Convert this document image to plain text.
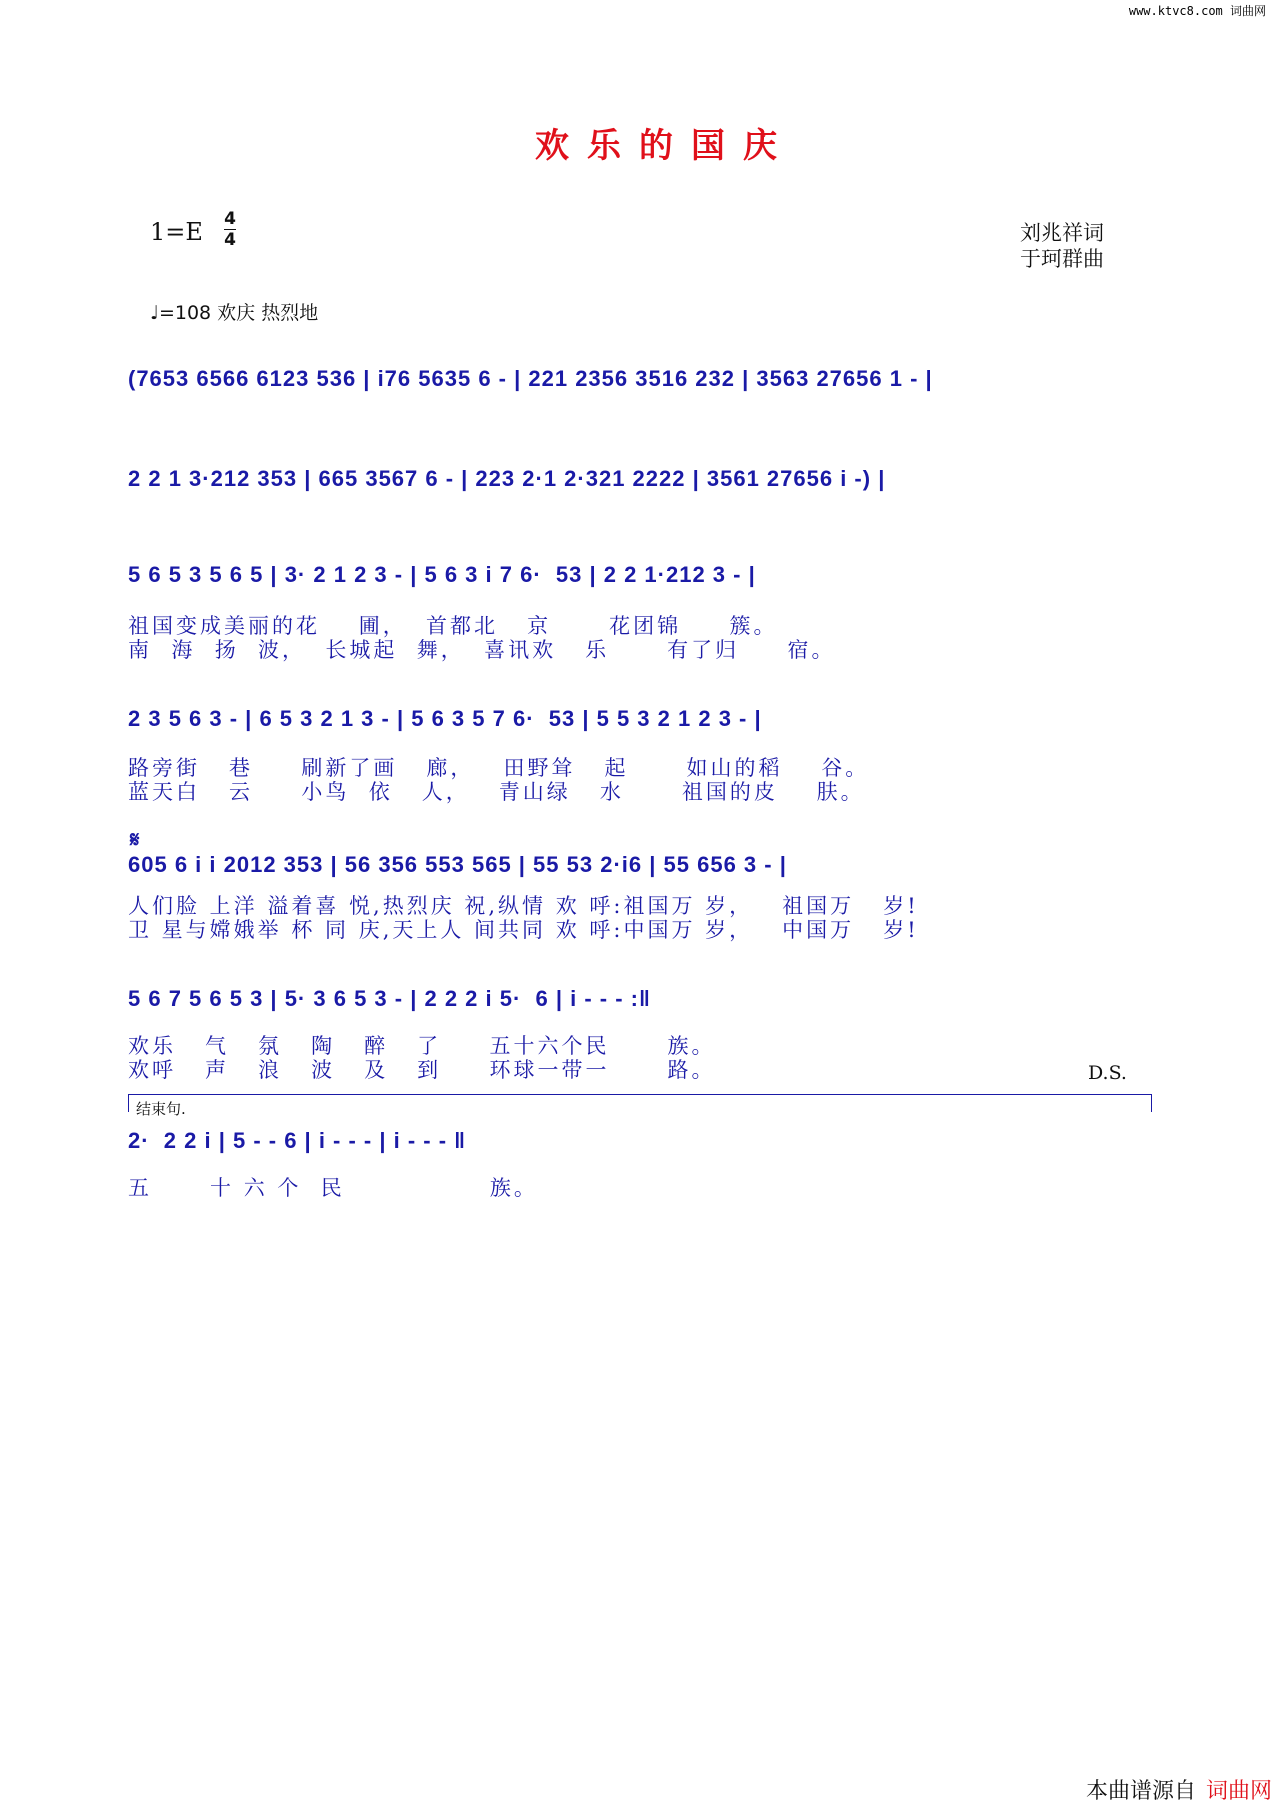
www.ktvc8.com 词曲网
欢乐的国庆
1=E 4
4	刘兆祥词
于珂群曲
♩=108 欢庆 热烈地
(7653 6566 6123 536 | i76 5635 6 - | 221 2356 3516 232 | 3563 27656 1 - |
2 2 1 3·212 353 | 665 3567 6 - | 223 2·1 2·321 2222 | 3561 27656 i -) |
5 6 5 3 5 6 5 | 3· 2 1 2 3 - | 5 6 3 i 7 6·  53 | 2 2 1·212 3 - |
祖国变成美丽的花    圃，  首都北   京      花团锦     簇。
南  海  扬  波，  长城起  舞，  喜讯欢   乐      有了归     宿。
2 3 5 6 3 - | 6 5 3 2 1 3 - | 5 6 3 5 7 6·  53 | 5 5 3 2 1 2 3 - |
路旁街   巷     刷新了画   廊，   田野耸   起      如山的稻    谷。
蓝天白   云     小鸟  依   人，   青山绿   水      祖国的皮    肤。
𝄋
605 6 i i 2012 353 | 56 356 553 565 | 55 53 2·i6 | 55 656 3 - |
人们脸 上洋 溢着喜 悦,热烈庆 祝,纵情 欢 呼:祖国万 岁，   祖国万   岁!
卫 星与嫦娥举 杯 同 庆,天上人 间共同 欢 呼:中国万 岁，   中国万   岁!
5 6 7 5 6 5 3 | 5· 3 6 5 3 - | 2 2 2 i 5·  6 | i - - - :‖
欢乐   气   氛   陶   醉   了     五十六个民      族。
欢呼   声   浪   波   及   到     环球一带一      路。	D.S.
结束句.
2·  2 2 i | 5 - - 6 | i - - - | i - - - ‖
五      十 六 个  民               族。
本曲谱源自 词曲网
